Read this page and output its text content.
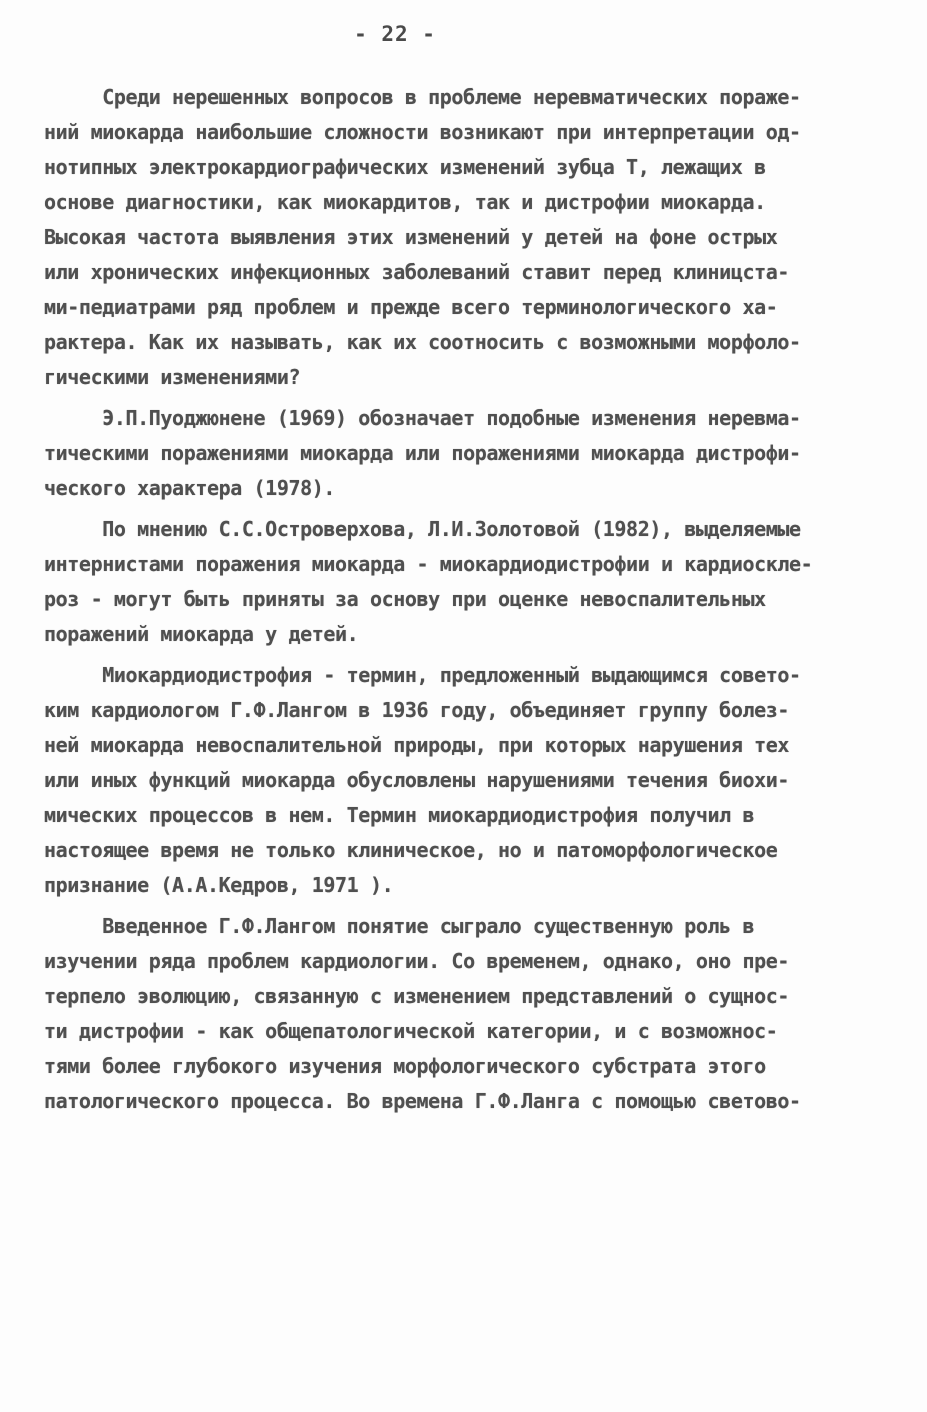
- 22 -
Среди нерешенных вопросов в проблеме неревматических пораже-
ний миокарда наибольшие сложности возникают при интерпретации од-
нотипных электрокардиографических изменений зубца Т, лежащих в
основе диагностики, как миокардитов, так и дистрофии миокарда.
Высокая частота выявления этих изменений у детей на фоне острых
или хронических инфекционных заболеваний ставит перед клиницста-
ми-педиатрами ряд проблем и прежде всего терминологического ха-
рактера. Как их называть, как их соотносить с возможными морфоло-
гическими изменениями?
Э.П.Пуоджюнене (1969) обозначает подобные изменения неревма-
тическими поражениями миокарда или поражениями миокарда дистрофи-
ческого характера (1978).
По мнению С.С.Островерхова, Л.И.Золотовой (1982), выделяемые
интернистами поражения миокарда - миокардиодистрофии и кардиоскле-
роз - могут быть приняты за основу при оценке невоспалительных
поражений миокарда у детей.
Миокардиодистрофия - термин, предложенный выдающимся совето-
ким кардиологом Г.Ф.Лангом в 1936 году, объединяет группу болез-
ней миокарда невоспалительной природы, при которых нарушения тех
или иных функций миокарда обусловлены нарушениями течения биохи-
мических процессов в нем. Термин миокардиодистрофия получил в
настоящее время не только клиническое, но и патоморфологическое
признание (А.А.Кедров, 1971 ).
Введенное Г.Ф.Лангом понятие сыграло существенную роль в
изучении ряда проблем кардиологии. Со временем, однако, оно пре-
терпело эволюцию, связанную с изменением представлений о сущнос-
ти дистрофии - как общепатологической категории, и с возможнос-
тями более глубокого изучения морфологического субстрата этого
патологического процесса. Во времена Г.Ф.Ланга с помощью светово-
